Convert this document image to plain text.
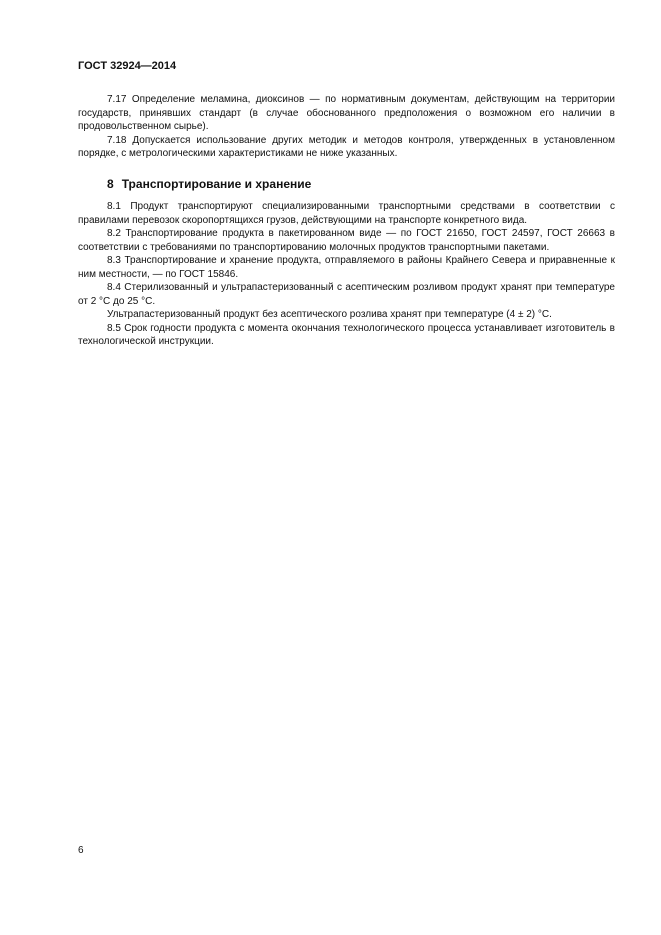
ГОСТ 32924—2014

7.17 Определение меламина, диоксинов — по нормативным документам, действующим на территории государств, принявших стандарт (в случае обоснованного предположения о возможном его наличии в продовольственном сырье).

7.18 Допускается использование других методик и методов контроля, утвержденных в установленном порядке, с метрологическими характеристиками не ниже указанных.

8 Транспортирование и хранение

8.1 Продукт транспортируют специализированными транспортными средствами в соответствии с правилами перевозок скоропортящихся грузов, действующими на транспорте конкретного вида.

8.2 Транспортирование продукта в пакетированном виде — по ГОСТ 21650, ГОСТ 24597, ГОСТ 26663 в соответствии с требованиями по транспортированию молочных продуктов транспортными пакетами.

8.3 Транспортирование и хранение продукта, отправляемого в районы Крайнего Севера и приравненные к ним местности, — по ГОСТ 15846.

8.4 Стерилизованный и ультрапастеризованный с асептическим розливом продукт хранят при температуре от 2 °С до 25 °С.

Ультрапастеризованный продукт без асептического розлива хранят при температуре (4 ± 2) °С.

8.5 Срок годности продукта с момента окончания технологического процесса устанавливает изготовитель в технологической инструкции.

6
